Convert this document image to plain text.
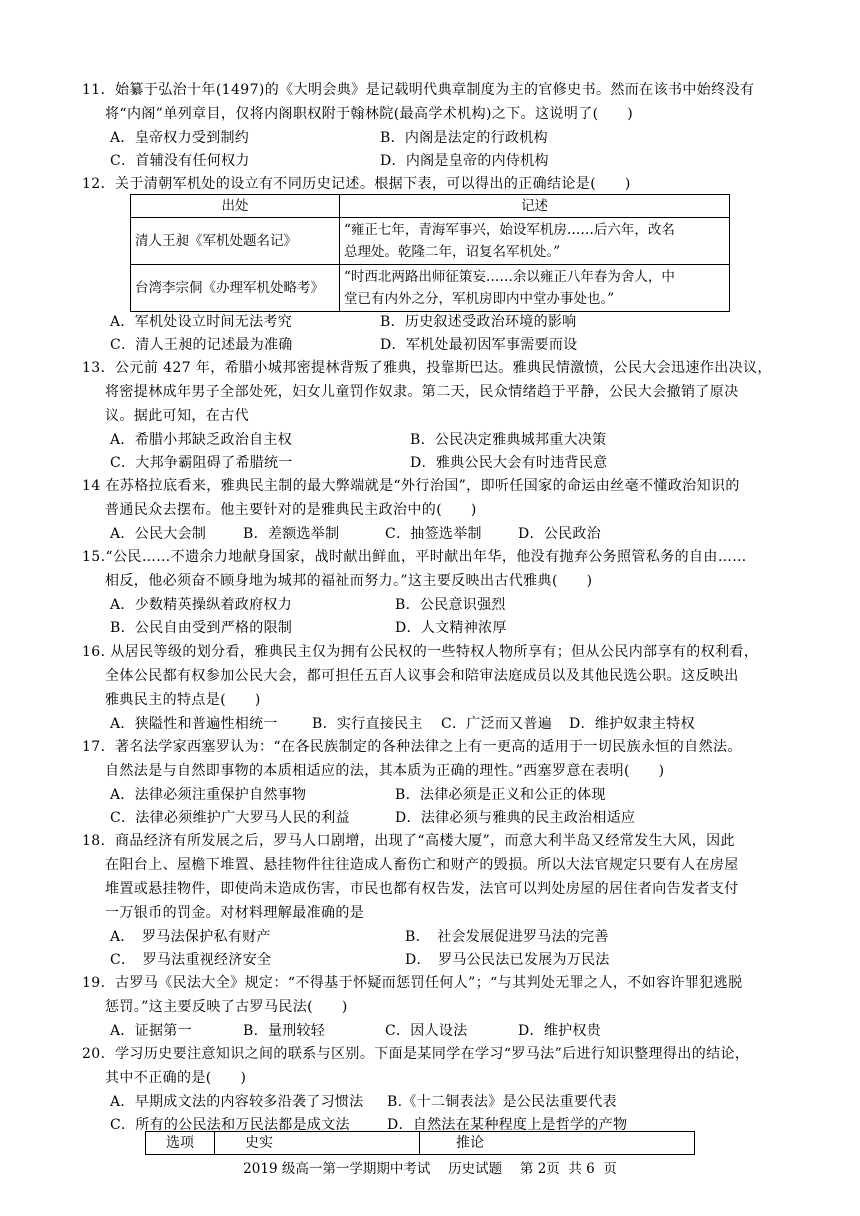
11．始纂于弘治十年(1497)的《大明会典》是记载明代典章制度为主的官修史书。然而在该书中始终没有
将“内阁”单列章目，仅将内阁职权附于翰林院(最高学术机构)之下。这说明了(　　)
A．皇帝权力受到制约	B．内阁是法定的行政机构
C．首辅没有任何权力	D．内阁是皇帝的内侍机构
12．关于清朝军机处的设立有不同历史记述。根据下表，可以得出的正确结论是(　　)
出处	记述
清人王昶《军机处题名记》	“雍正七年，青海军事兴，始设军机房……后六年，改名
总理处。乾隆二年，诏复名军机处。”

台湾李宗侗《办理军机处略考》	“时西北两路出师征策妄……余以雍正八年春为舍人，中
堂已有内外之分，军机房即内中堂办事处也。”
A．军机处设立时间无法考究	B．历史叙述受政治环境的影响
C．清人王昶的记述最为准确	D．军机处最初因军事需要而设
13．公元前 427 年，希腊小城邦密提林背叛了雅典，投靠斯巴达。雅典民情激愤，公民大会迅速作出决议，
将密提林成年男子全部处死，妇女儿童罚作奴隶。第二天，民众情绪趋于平静，公民大会撤销了原决
议。据此可知，在古代
A．希腊小邦缺乏政治自主权	B．公民决定雅典城邦重大决策
C．大邦争霸阻碍了希腊统一	D．雅典公民大会有时违背民意
14 在苏格拉底看来，雅典民主制的最大弊端就是“外行治国”，即听任国家的命运由丝毫不懂政治知识的
普通民众去摆布。他主要针对的是雅典民主政治中的(　　)
A．公民大会制	B．差额选举制	C．抽签选举制	D．公民政治
15.“公民……不遗余力地献身国家，战时献出鲜血，平时献出年华，他没有抛弃公务照管私务的自由……
相反，他必须奋不顾身地为城邦的福祉而努力。”这主要反映出古代雅典(　　)
A．少数精英操纵着政府权力	B．公民意识强烈
B．公民自由受到严格的限制	D．人文精神浓厚
16. 从居民等级的划分看，雅典民主仅为拥有公民权的一些特权人物所享有；但从公民内部享有的权利看，
全体公民都有权参加公民大会，都可担任五百人议事会和陪审法庭成员以及其他民选公职。这反映出
雅典民主的特点是(　　)
A．狭隘性和普遍性相统一 B．实行直接民主 C．广泛而又普遍 D．维护奴隶主特权
17．著名法学家西塞罗认为：“在各民族制定的各种法律之上有一更高的适用于一切民族永恒的自然法。
自然法是与自然即事物的本质相适应的法，其本质为正确的理性。”西塞罗意在表明(　　)
A．法律必须注重保护自然事物	B．法律必须是正义和公正的体现
C．法律必须维护广大罗马人民的利益	D．法律必须与雅典的民主政治相适应
18．商品经济有所发展之后，罗马人口剧增，出现了“高楼大厦”，而意大利半岛又经常发生大风，因此
在阳台上、屋檐下堆置、悬挂物件往往造成人畜伤亡和财产的毁损。所以大法官规定只要有人在房屋
堆置或悬挂物件，即使尚未造成伤害，市民也都有权告发，法官可以判处房屋的居住者向告发者支付
一万银币的罚金。对材料理解最准确的是
A．　罗马法保护私有财产	B．　社会发展促进罗马法的完善
C．　罗马法重视经济安全	D．　罗马公民法已发展为万民法
19．古罗马《民法大全》规定：“不得基于怀疑而惩罚任何人”；“与其判处无罪之人，不如容许罪犯逃脱
惩罚。”这主要反映了古罗马民法(　　)
A．证据第一	B．量刑较轻	C．因人设法	D．维护权贵
20．学习历史要注意知识之间的联系与区别。下面是某同学在学习“罗马法”后进行知识整理得出的结论，
其中不正确的是(　　)
A．早期成文法的内容较多沿袭了习惯法 B.《十二铜表法》是公民法重要代表
C．所有的公民法和万民法都是成文法	D．自然法在某种程度上是哲学的产物
选项	史实	推论
2019 级高一第一学期期中考试　 历史试题　 第 2页  共 6  页
